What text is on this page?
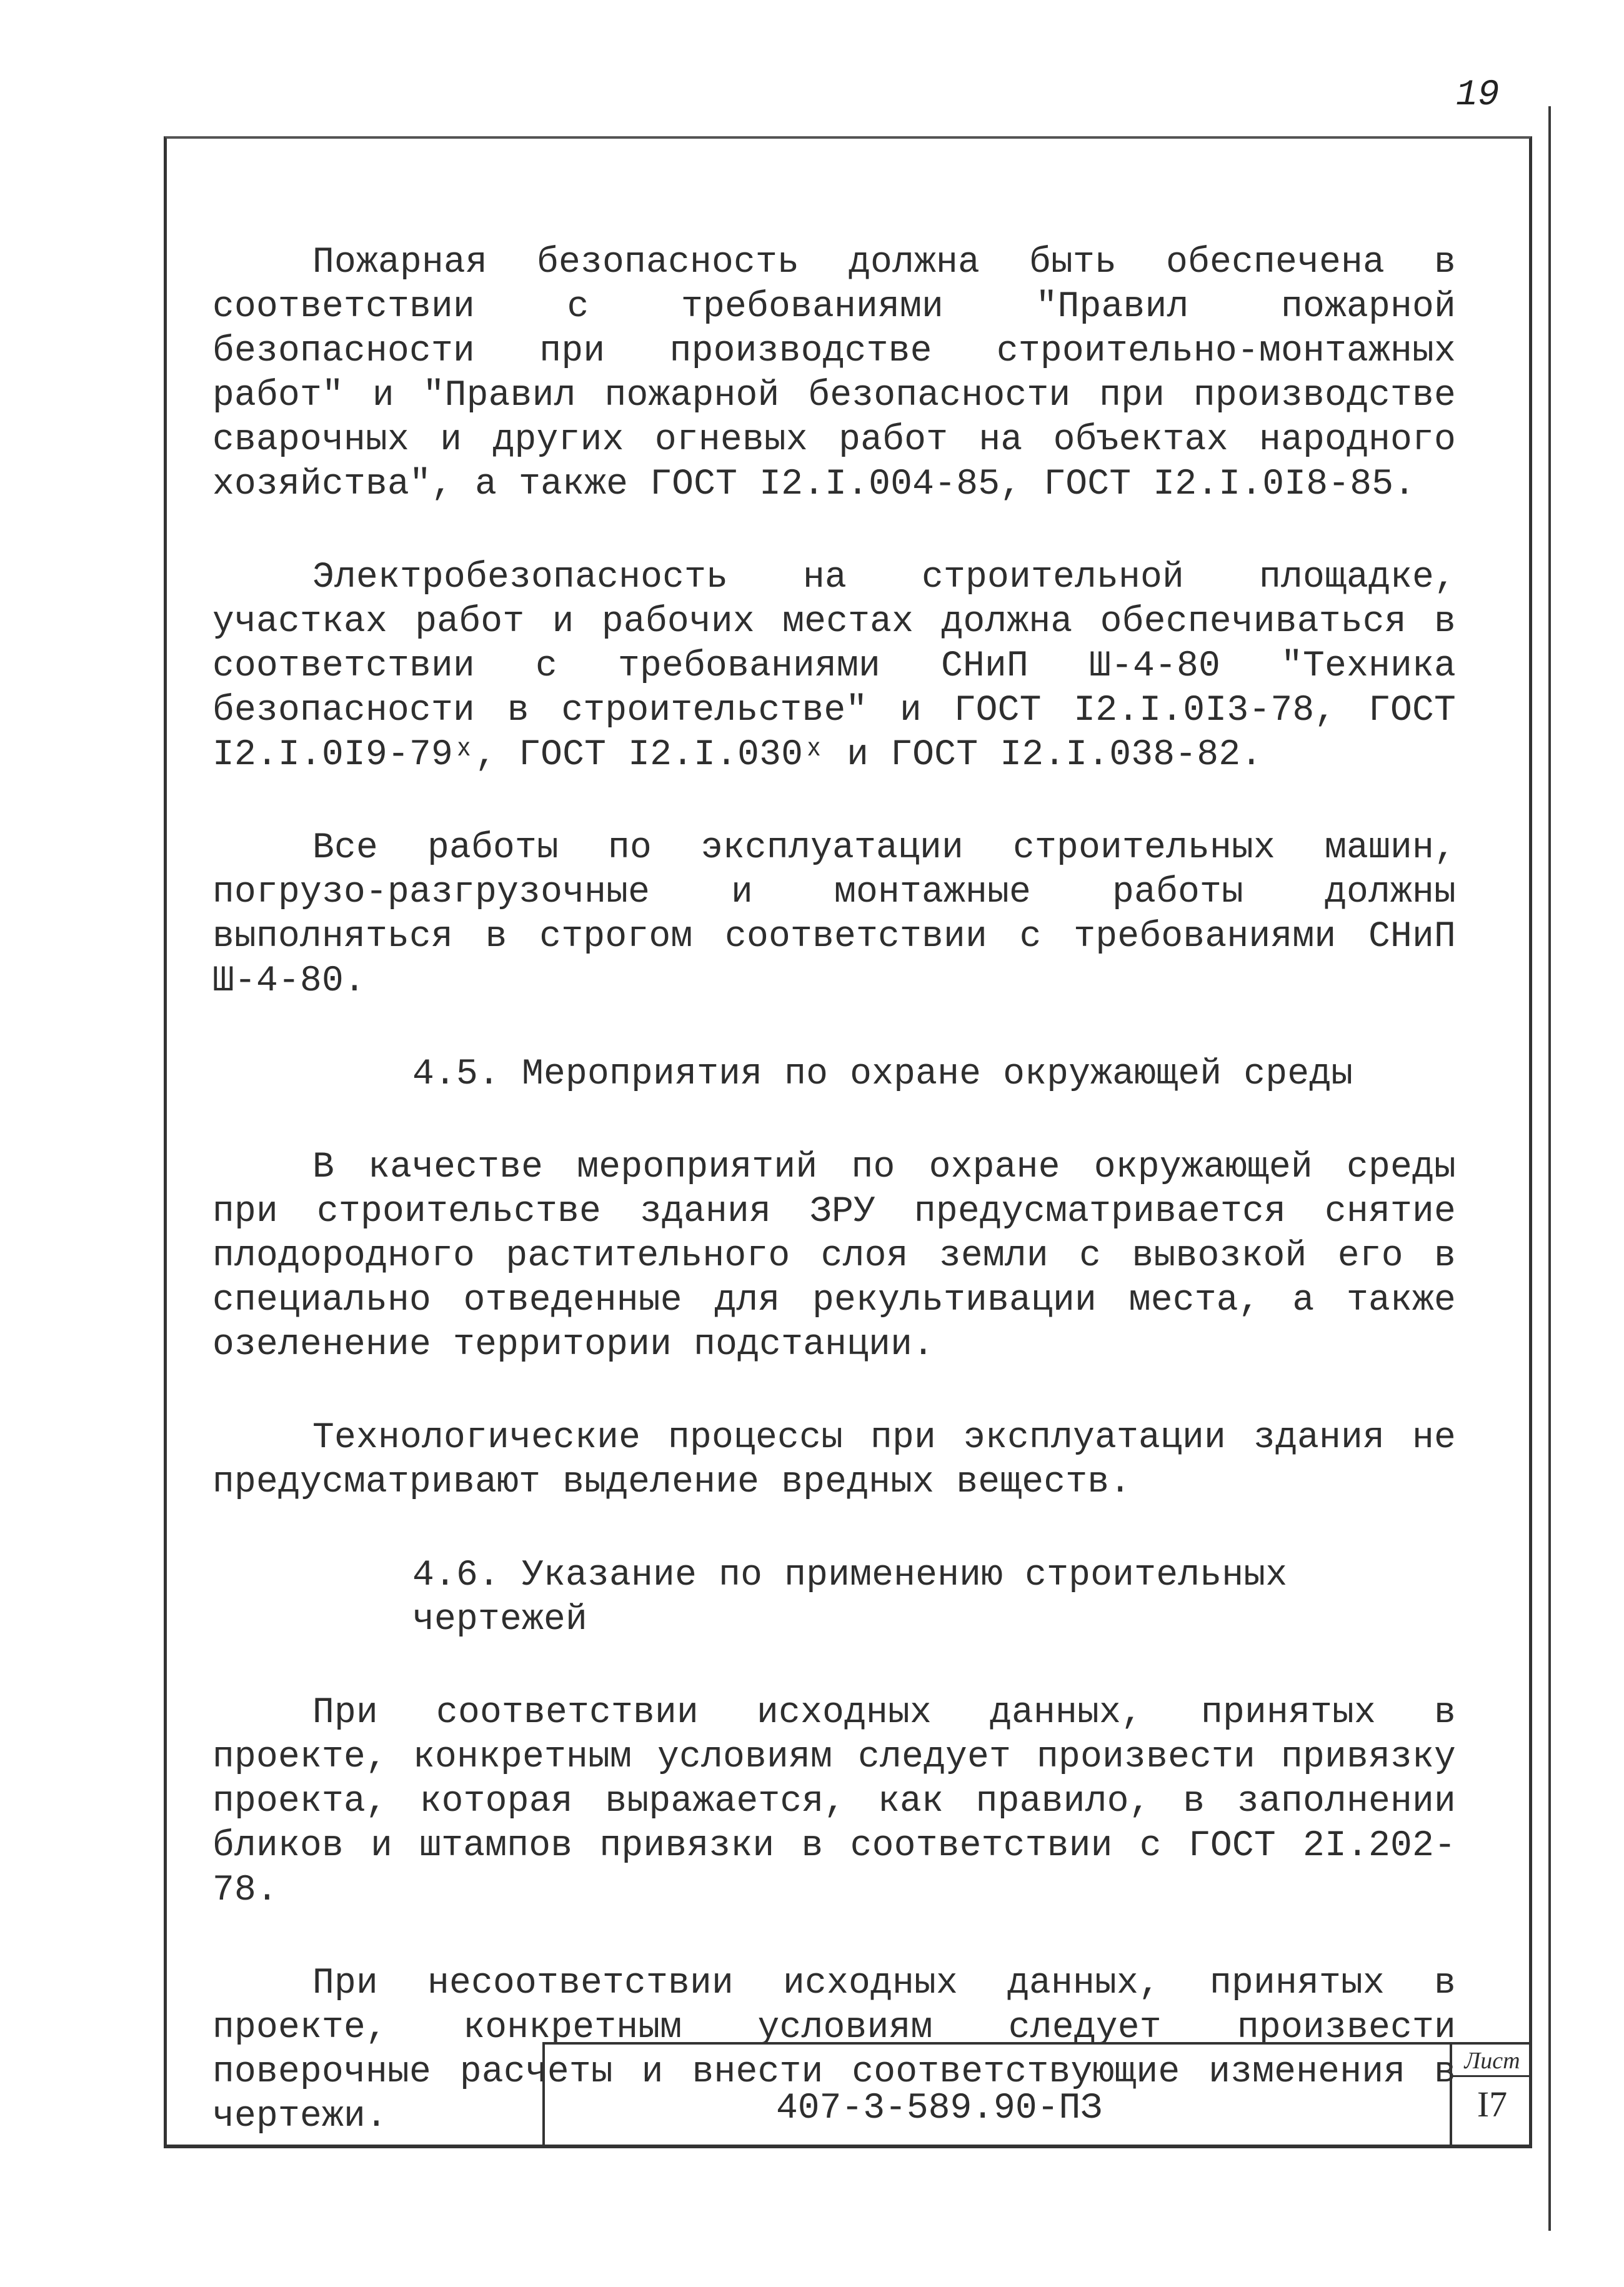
19

Пожарная безопасность должна быть обеспечена в соответствии с требованиями "Правил пожарной безопасности при производстве строительно-монтажных работ" и "Правил пожарной безопасности при производстве сварочных и других огневых работ на объектах народного хозяйства", а также ГОСТ I2.I.004-85, ГОСТ I2.I.0I8-85.

Электробезопасность на строительной площадке, участках работ и рабочих местах должна обеспечиваться в соответствии с требованиями СНиП Ш-4-80 "Техника безопасности в строительстве" и ГОСТ I2.I.0I3-78, ГОСТ I2.I.0I9-79ˣ, ГОСТ I2.I.030ˣ и ГОСТ I2.I.038-82.

Все работы по эксплуатации строительных машин, погрузо-разгрузочные и монтажные работы должны выполняться в строгом соответствии с требованиями СНиП Ш-4-80.

4.5. Мероприятия по охране окружающей среды

В качестве мероприятий по охране окружающей среды при строительстве здания ЗРУ предусматривается снятие плодородного растительного слоя земли с вывозкой его в специально отведенные для рекультивации места, а также озеленение территории подстанции.

Технологические процессы при эксплуатации здания не предусматривают выделение вредных веществ.

4.6. Указание по применению строительных чертежей

При соответствии исходных данных, принятых в проекте, конкретным условиям следует произвести привязку проекта, которая выражается, как правило, в заполнении бликов и штампов привязки в соответствии с ГОСТ 2I.202-78.

При несоответствии исходных данных, принятых в проекте, конкретным условиям следует произвести поверочные расчеты и внести соответствующие изменения в чертежи.	407-3-589.90-ПЗ
Лист
I7
